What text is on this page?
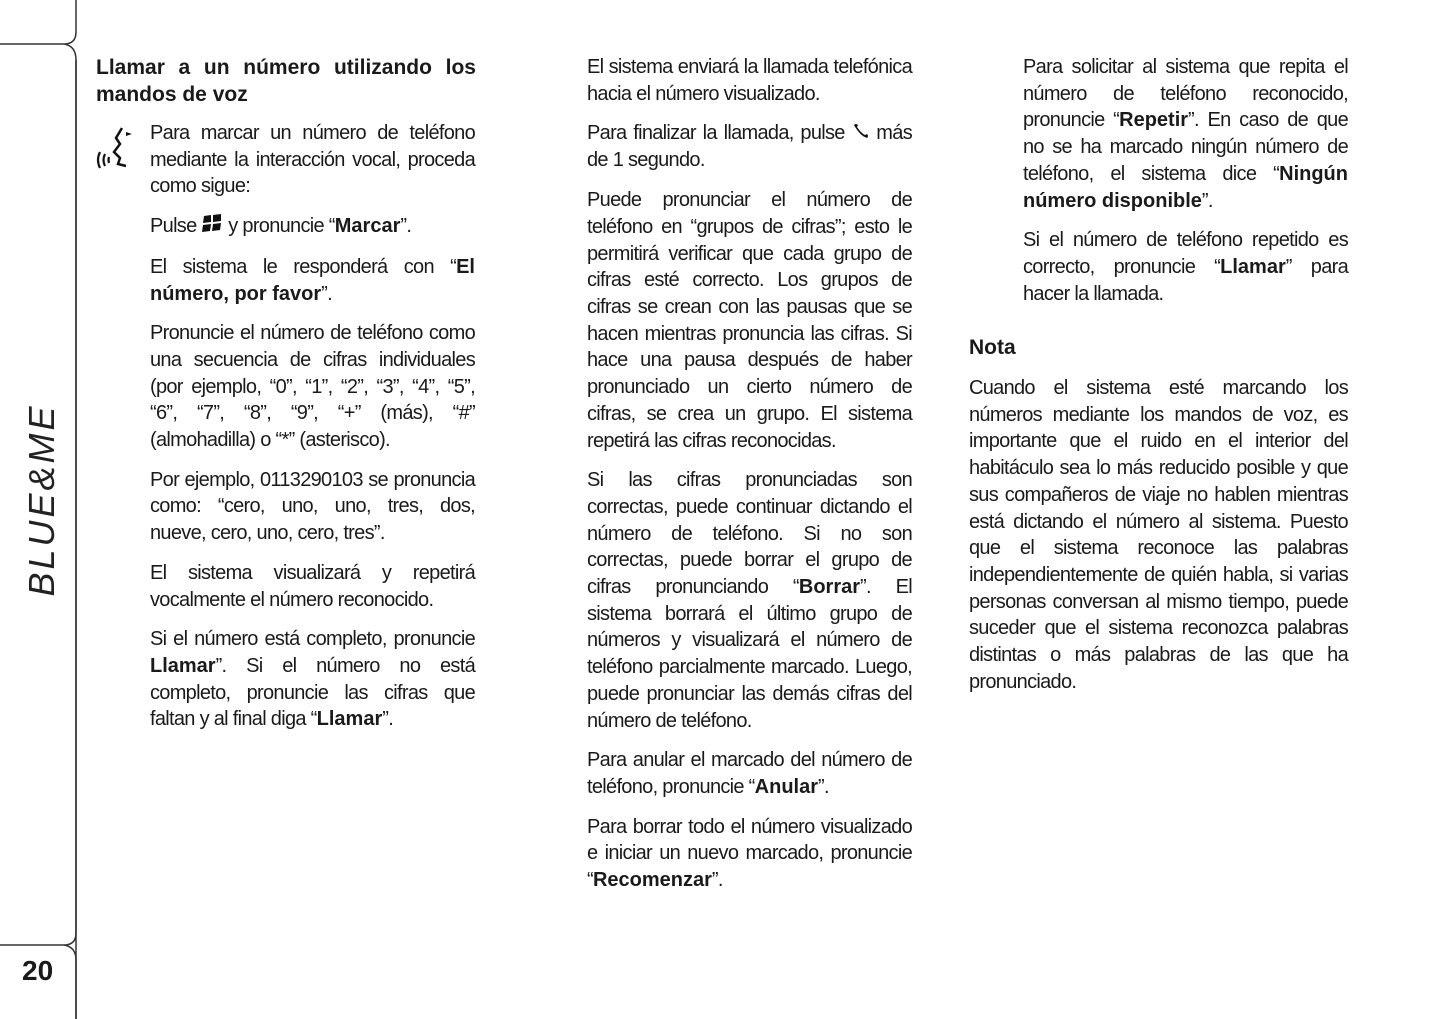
BLUE&ME
20
Llamar a un número utilizando los mandos de voz

Para marcar un número de teléfono mediante la interacción vocal, proceda como sigue:

Pulse  y pronuncie “Marcar”.

El sistema le responderá con “El número, por favor”.

Pronuncie el número de teléfono como una secuencia de cifras individuales (por ejemplo, “0”, “1”, “2”, “3”, “4”, “5”, “6”, “7”, “8”, “9”, “+” (más), “#” (almohadilla) o “*” (asterisco).

Por ejemplo, 0113290103 se pronuncia como: “cero, uno, uno, tres, dos, nueve, cero, uno, cero, tres”.

El sistema visualizará y repetirá vocalmente el número reconocido.

Si el número está completo, pronuncie Llamar”. Si el número no está completo, pronuncie las cifras que faltan y al final diga “Llamar”.

El sistema enviará la llamada telefónica hacia el número visualizado.

Para finalizar la llamada, pulse  más de 1 segundo.

Puede pronunciar el número de teléfono en “grupos de cifras”; esto le permitirá verificar que cada grupo de cifras esté correcto. Los grupos de cifras se crean con las pausas que se hacen mientras pronuncia las cifras. Si hace una pausa después de haber pronunciado un cierto número de cifras, se crea un grupo. El sistema repetirá las cifras reconocidas.

Si las cifras pronunciadas son correctas, puede continuar dictando el número de teléfono. Si no son correctas, puede borrar el grupo de cifras pronunciando “Borrar”. El sistema borrará el último grupo de números y visualizará el número de teléfono parcialmente marcado. Luego, puede pronunciar las demás cifras del número de teléfono.

Para anular el marcado del número de teléfono, pronuncie “Anular”.

Para borrar todo el número visualizado e iniciar un nuevo marcado, pronuncie “Recomenzar”.

Para solicitar al sistema que repita el número de teléfono reconocido, pronuncie “Repetir”. En caso de que no se ha marcado ningún número de teléfono, el sistema dice “Ningún número disponible”.

Si el número de teléfono repetido es correcto, pronuncie “Llamar” para hacer la llamada.

Nota

Cuando el sistema esté marcando los números mediante los mandos de voz, es importante que el ruido en el interior del habitáculo sea lo más reducido posible y que sus compañeros de viaje no hablen mientras está dictando el número al sistema. Puesto que el sistema reconoce las palabras independientemente de quién habla, si varias personas conversan al mismo tiempo, puede suceder que el sistema reconozca palabras distintas o más palabras de las que ha pronunciado.
